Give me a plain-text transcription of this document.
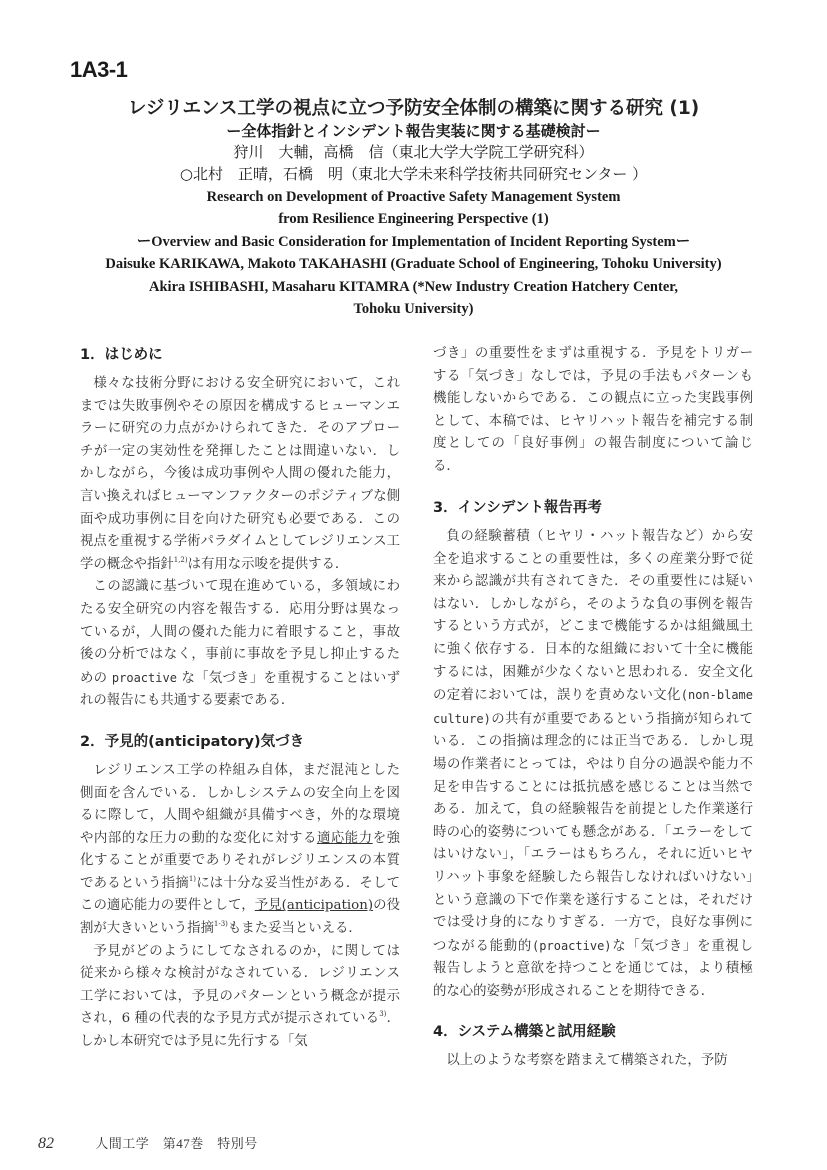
1A3-1
レジリエンス工学の視点に立つ予防安全体制の構築に関する研究 (1)
ー全体指針とインシデント報告実装に関する基礎検討ー
狩川　大輔，高橋　信（東北大学大学院工学研究科）
○北村　正晴，石橋　明（東北大学未来科学技術共同研究センター ）
Research on Development of Proactive Safety Management System
from Resilience Engineering Perspective (1)
ーOverview and Basic Consideration for Implementation of Incident Reporting Systemー
Daisuke KARIKAWA, Makoto TAKAHASHI (Graduate School of Engineering, Tohoku University)
Akira ISHIBASHI, Masaharu KITAMRA (*New Industry Creation Hatchery Center,
Tohoku University)
1．はじめに

様々な技術分野における安全研究において，これまでは失敗事例やその原因を構成するヒューマンエラーに研究の力点がかけられてきた．そのアプローチが一定の実効性を発揮したことは間違いない．しかしながら，今後は成功事例や人間の優れた能力，言い換えればヒューマンファクターのポジティブな側面や成功事例に目を向けた研究も必要である．この視点を重視する学術パラダイムとしてレジリエンス工学の概念や指針$^{1,2)}$は有用な示唆を提供する．

この認識に基づいて現在進めている，多領域にわたる安全研究の内容を報告する．応用分野は異なっているが，人間の優れた能力に着眼すること，事故後の分析ではなく，事前に事故を予見し抑止するための proactive な「気づき」を重視することはいずれの報告にも共通する要素である．

2．予見的(anticipatory)気づき

レジリエンス工学の枠組み自体，まだ混沌とした側面を含んでいる．しかしシステムの安全向上を図るに際して，人間や組織が具備すべき，外的な環境や内部的な圧力の動的な変化に対する適応能力を強化することが重要でありそれがレジリエンスの本質であるという指摘$^{1)}$には十分な妥当性がある．そしてこの適応能力の要件として，予見(anticipation)の役割が大きいという指摘$^{1-3)}$もまた妥当といえる．

予見がどのようにしてなされるのか，に関しては従来から様々な検討がなされている．レジリエンス工学においては，予見のパターンという概念が提示され，6 種の代表的な予見方式が提示されている$^{3)}$．しかし本研究では予見に先行する「気

づき」の重要性をまずは重視する．予見をトリガーする「気づき」なしでは，予見の手法もパターンも機能しないからである．この観点に立った実践事例として、本稿では、ヒヤリハット報告を補完する制度としての「良好事例」の報告制度について論じる．

3．インシデント報告再考

負の経験蓄積（ヒヤリ・ハット報告など）から安全を追求することの重要性は，多くの産業分野で従来から認識が共有されてきた．その重要性には疑いはない．しかしながら，そのような負の事例を報告するという方式が，どこまで機能するかは組織風土に強く依存する．日本的な組織において十全に機能するには，困難が少なくないと思われる．安全文化の定着においては，誤りを責めない文化(non-blame culture)の共有が重要であるという指摘が知られている．この指摘は理念的には正当である．しかし現場の作業者にとっては，やはり自分の過誤や能力不足を申告することには抵抗感を感じることは当然である．加えて，負の経験報告を前提とした作業遂行時の心的姿勢についても懸念がある．「エラーをしてはいけない」，「エラーはもちろん，それに近いヒヤリハット事象を経験したら報告しなければいけない」という意識の下で作業を遂行することは，それだけでは受け身的になりすぎる．一方で，良好な事例につながる能動的(proactive)な「気づき」を重視し報告しようと意欲を持つことを通じては，より積極的な心的姿勢が形成されることを期待できる．

4．システム構築と試用経験

以上のような考察を踏まえて構築された，予防

82	人間工学　第47巻　特別号
